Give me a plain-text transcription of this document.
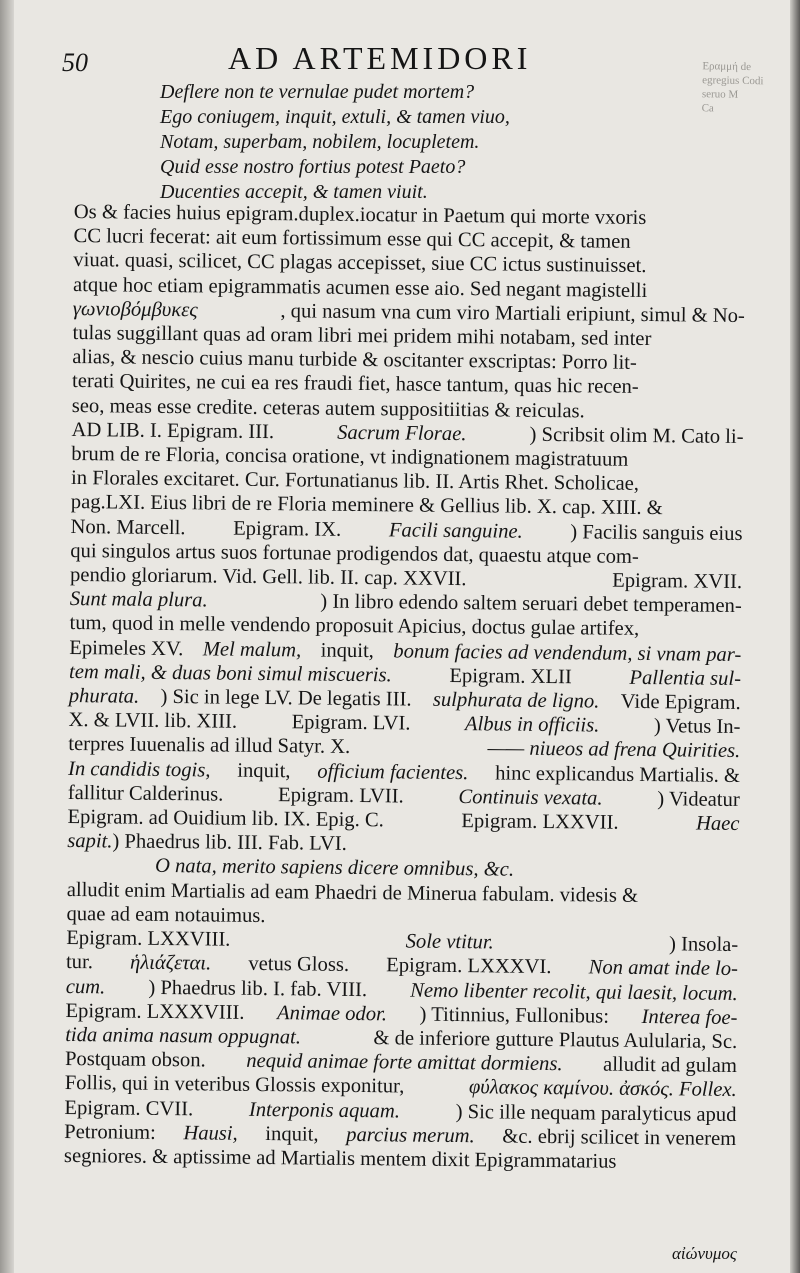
Εραμμή de
egregius Codi
seruo M
Ca
50	AD ARTEMIDORI
Deflere non te vernulae pudet mortem?
Ego coniugem, inquit, extuli, & tamen viuo,
Notam, superbam, nobilem, locupletem.
Quid esse nostro fortius potest Paeto?
Ducenties accepit, & tamen viuit.
Os & facies huius epigram.duplex.iocatur in Paetum qui morte vxoris
CC lucri fecerat: ait eum fortissimum esse qui CC accepit, & tamen
viuat. quasi, scilicet, CC plagas accepisset, siue CC ictus sustinuisset.
atque hoc etiam epigrammatis acumen esse aio. Sed negant magistelli
γωνιοβόμβυκες	, qui nasum vna cum viro Martiali eripiunt, simul & No-
tulas suggillant quas ad oram libri mei pridem mihi notabam, sed inter
alias, & nescio cuius manu turbide & oscitanter exscriptas: Porro lit-
terati Quirites, ne cui ea res fraudi fiet, hasce tantum, quas hic recen-
seo, meas esse credite. ceteras autem suppositiitias & reiculas.
AD LIB. I. Epigram. III.	Sacrum Florae.	) Scribsit olim M. Cato li-
brum de re Floria, concisa oratione, vt indignationem magistratuum
in Florales excitaret. Cur. Fortunatianus lib. II. Artis Rhet. Scholicae,
pag.LXI. Eius libri de re Floria meminere & Gellius lib. X. cap. XIII. &
Non. Marcell. Epigram. IX. Facili sanguine. ) Facilis sanguis eius
qui singulos artus suos fortunae prodigendos dat, quaestu atque com-
pendio gloriarum. Vid. Gell. lib. II. cap. XXVII.	Epigram. XVII.
Sunt mala plura.	) In libro edendo saltem seruari debet temperamen-
tum, quod in melle vendendo proposuit Apicius, doctus gulae artifex,
Epimeles XV. Mel malum, inquit, bonum facies ad vendendum, si vnam par-
tem mali, & duas boni simul miscueris.	Epigram. XLII	Pallentia sul-
phurata. ) Sic in lege LV. De legatis III. sulphurata de ligno. Vide Epigram.
X. & LVII. lib. XIII.	Epigram. LVI.	Albus in officiis.	) Vetus In-
terpres Iuuenalis ad illud Satyr. X.	—— niueos ad frena Quirities.
In candidis togis, inquit, officium facientes. hinc explicandus Martialis. &
fallitur Calderinus.	Epigram. LVII.	Continuis vexata.	) Videatur
Epigram. ad Ouidium lib. IX. Epig. C.	Epigram. LXXVII.	Haec
sapit. ) Phaedrus lib. III. Fab. LVI.
O nata, merito sapiens dicere omnibus, &c.
alludit enim Martialis ad eam Phaedri de Minerua fabulam. videsis &
quae ad eam notauimus.
Epigram. LXXVIII.	Sole vtitur.	) Insola-
tur. ἡλιάζεται. vetus Gloss. Epigram. LXXXVI. Non amat inde lo-
cum. ) Phaedrus lib. I. fab. VIII. Nemo libenter recolit, qui laesit, locum.
Epigram. LXXXVIII. Animae odor. ) Titinnius, Fullonibus: Interea foe-
tida anima nasum oppugnat.	& de inferiore gutture Plautus Aulularia, Sc.
Postquam obson. nequid animae forte amittat dormiens. alludit ad gulam
Follis, qui in veteribus Glossis exponitur,	φύλακος καμίνου. ἀσκός. Follex.
Epigram. CVII.	Interponis aquam.	) Sic ille nequam paralyticus apud
Petronium: Hausi, inquit, parcius merum. &c. ebrij scilicet in venerem
segniores. & aptissime ad Martialis mentem dixit Epigrammatarius
αἰώνυμος
